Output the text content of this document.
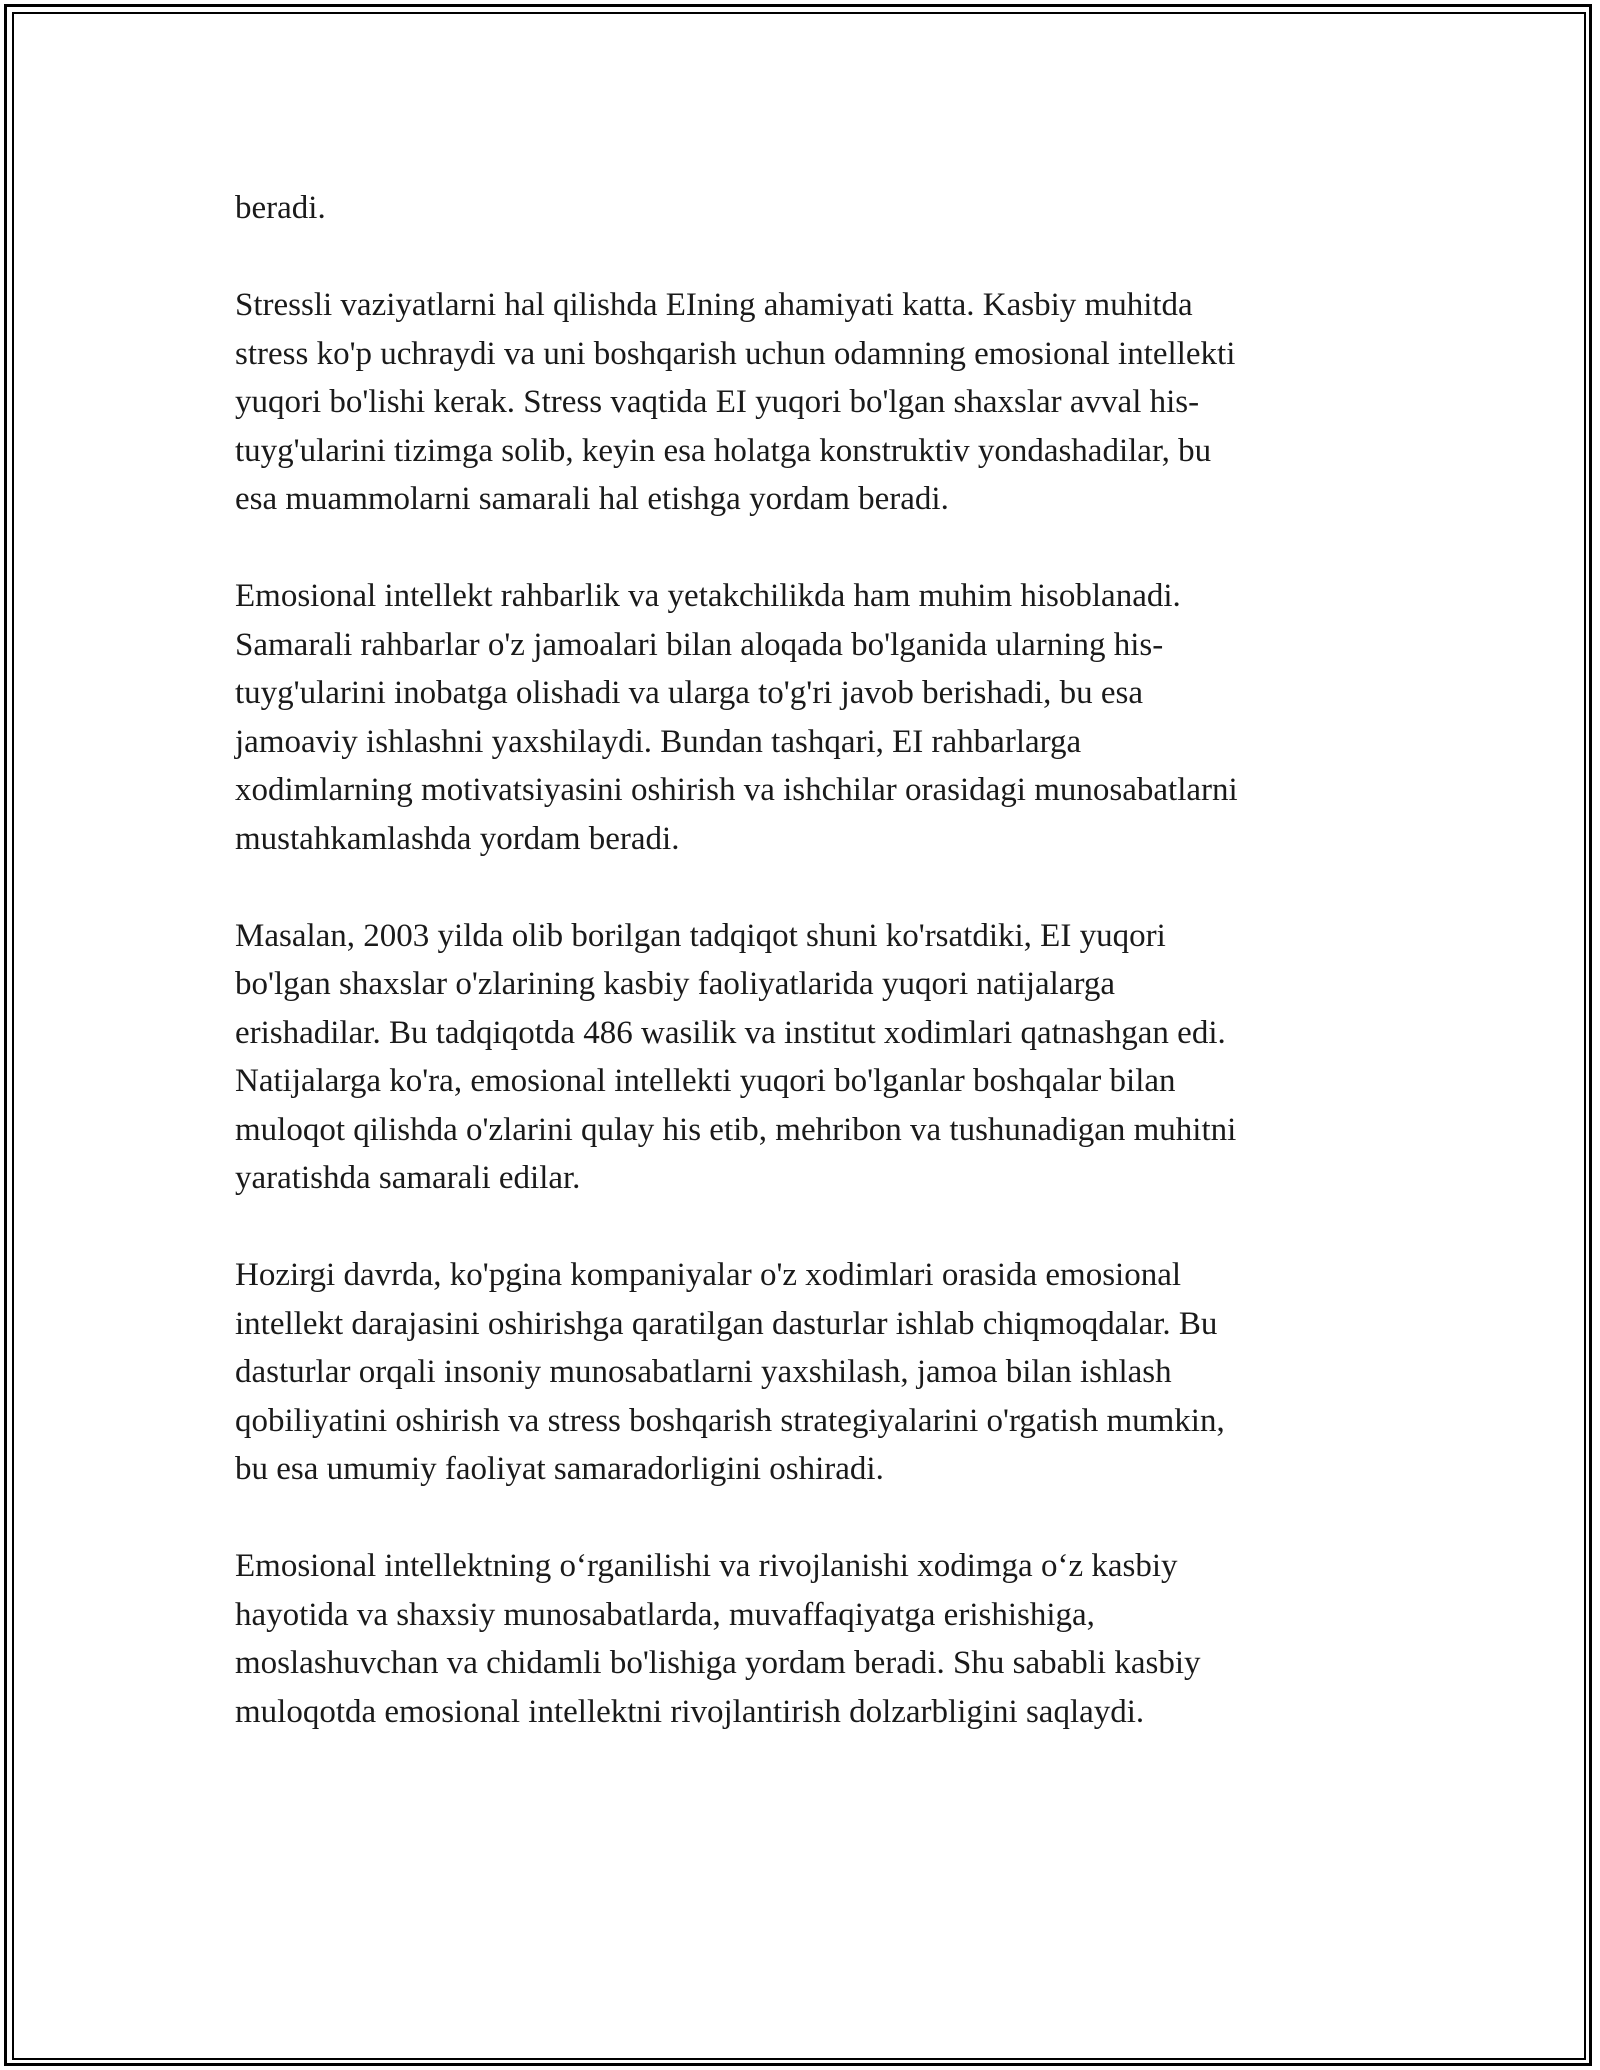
beradi.

Stressli vaziyatlarni hal qilishda EIning ahamiyati katta. Kasbiy muhitda
stress ko'p uchraydi va uni boshqarish uchun odamning emosional intellekti
yuqori bo'lishi kerak. Stress vaqtida EI yuqori bo'lgan shaxslar avval his-
tuyg'ularini tizimga solib, keyin esa holatga konstruktiv yondashadilar, bu
esa muammolarni samarali hal etishga yordam beradi.

Emosional intellekt rahbarlik va yetakchilikda ham muhim hisoblanadi.
Samarali rahbarlar o'z jamoalari bilan aloqada bo'lganida ularning his-
tuyg'ularini inobatga olishadi va ularga to'g'ri javob berishadi, bu esa
jamoaviy ishlashni yaxshilaydi. Bundan tashqari, EI rahbarlarga
xodimlarning motivatsiyasini oshirish va ishchilar orasidagi munosabatlarni
mustahkamlashda yordam beradi.

Masalan, 2003 yilda olib borilgan tadqiqot shuni ko'rsatdiki, EI yuqori
bo'lgan shaxslar o'zlarining kasbiy faoliyatlarida yuqori natijalarga
erishadilar. Bu tadqiqotda 486 wasilik va institut xodimlari qatnashgan edi.
Natijalarga ko'ra, emosional intellekti yuqori bo'lganlar boshqalar bilan
muloqot qilishda o'zlarini qulay his etib, mehribon va tushunadigan muhitni
yaratishda samarali edilar.

Hozirgi davrda, ko'pgina kompaniyalar o'z xodimlari orasida emosional
intellekt darajasini oshirishga qaratilgan dasturlar ishlab chiqmoqdalar. Bu
dasturlar orqali insoniy munosabatlarni yaxshilash, jamoa bilan ishlash
qobiliyatini oshirish va stress boshqarish strategiyalarini o'rgatish mumkin,
bu esa umumiy faoliyat samaradorligini oshiradi.

Emosional intellektning o‘rganilishi va rivojlanishi xodimga o‘z kasbiy
hayotida va shaxsiy munosabatlarda, muvaffaqiyatga erishishiga,
moslashuvchan va chidamli bo'lishiga yordam beradi. Shu sababli kasbiy
muloqotda emosional intellektni rivojlantirish dolzarbligini saqlaydi.
